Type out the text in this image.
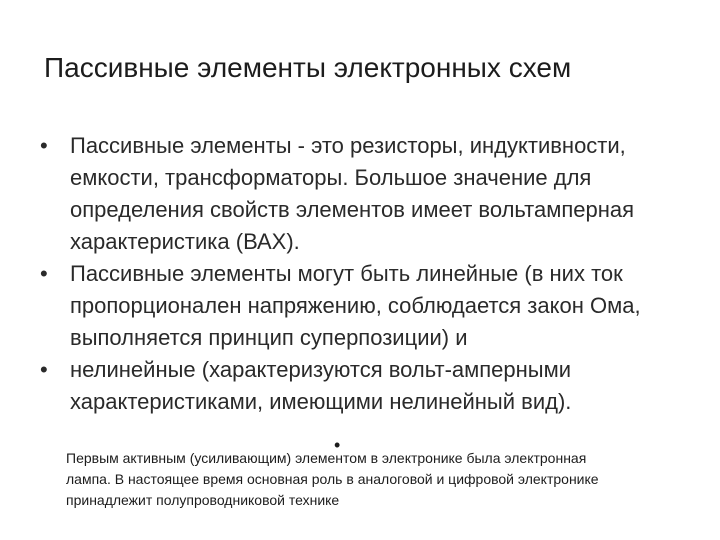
Пассивные элементы электронных схем
• Пассивные элементы - это резисторы, индуктивности, емкости, трансформаторы. Большое значение для определения свойств элементов имеет вольтамперная характеристика (ВАХ).
• Пассивные элементы могут быть линейные (в них ток пропорционален напряжению, соблюдается закон Ома, выполняется принцип суперпозиции) и
• нелинейные (характеризуются вольт-амперными характеристиками, имеющими нелинейный вид).
•
Первым активным (усиливающим) элементом в электронике была электронная лампа. В настоящее время основная роль в аналоговой и цифровой электронике принадлежит полупроводниковой технике
